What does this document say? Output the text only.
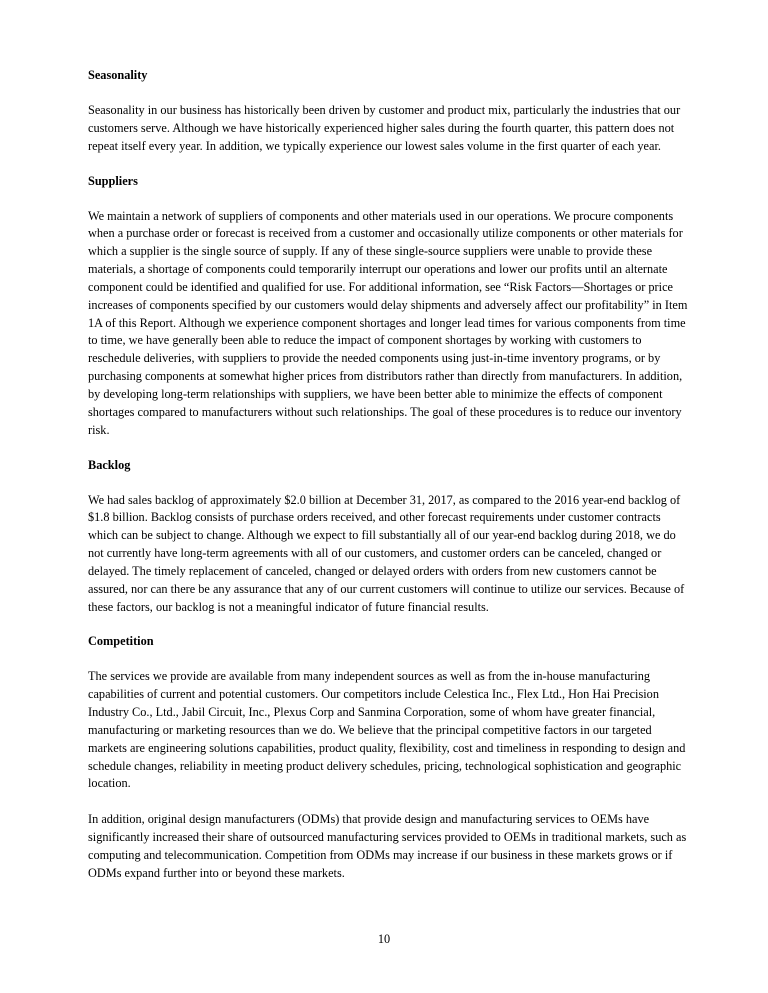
Seasonality

Seasonality in our business has historically been driven by customer and product mix, particularly the industries that our customers serve. Although we have historically experienced higher sales during the fourth quarter, this pattern does not repeat itself every year. In addition, we typically experience our lowest sales volume in the first quarter of each year.

Suppliers

We maintain a network of suppliers of components and other materials used in our operations. We procure components when a purchase order or forecast is received from a customer and occasionally utilize components or other materials for which a supplier is the single source of supply. If any of these single-source suppliers were unable to provide these materials, a shortage of components could temporarily interrupt our operations and lower our profits until an alternate component could be identified and qualified for use. For additional information, see “Risk Factors—Shortages or price increases of components specified by our customers would delay shipments and adversely affect our profitability” in Item 1A of this Report. Although we experience component shortages and longer lead times for various components from time to time, we have generally been able to reduce the impact of component shortages by working with customers to reschedule deliveries, with suppliers to provide the needed components using just-in-time inventory programs, or by purchasing components at somewhat higher prices from distributors rather than directly from manufacturers. In addition, by developing long-term relationships with suppliers, we have been better able to minimize the effects of component shortages compared to manufacturers without such relationships. The goal of these procedures is to reduce our inventory risk.

Backlog

We had sales backlog of approximately $2.0 billion at December 31, 2017, as compared to the 2016 year-end backlog of $1.8 billion. Backlog consists of purchase orders received, and other forecast requirements under customer contracts which can be subject to change. Although we expect to fill substantially all of our year-end backlog during 2018, we do not currently have long-term agreements with all of our customers, and customer orders can be canceled, changed or delayed. The timely replacement of canceled, changed or delayed orders with orders from new customers cannot be assured, nor can there be any assurance that any of our current customers will continue to utilize our services. Because of these factors, our backlog is not a meaningful indicator of future financial results.

Competition

The services we provide are available from many independent sources as well as from the in-house manufacturing capabilities of current and potential customers. Our competitors include Celestica Inc., Flex Ltd., Hon Hai Precision Industry Co., Ltd., Jabil Circuit, Inc., Plexus Corp and Sanmina Corporation, some of whom have greater financial, manufacturing or marketing resources than we do. We believe that the principal competitive factors in our targeted markets are engineering solutions capabilities, product quality, flexibility, cost and timeliness in responding to design and schedule changes, reliability in meeting product delivery schedules, pricing, technological sophistication and geographic location.

In addition, original design manufacturers (ODMs) that provide design and manufacturing services to OEMs have significantly increased their share of outsourced manufacturing services provided to OEMs in traditional markets, such as computing and telecommunication. Competition from ODMs may increase if our business in these markets grows or if ODMs expand further into or beyond these markets.

10
